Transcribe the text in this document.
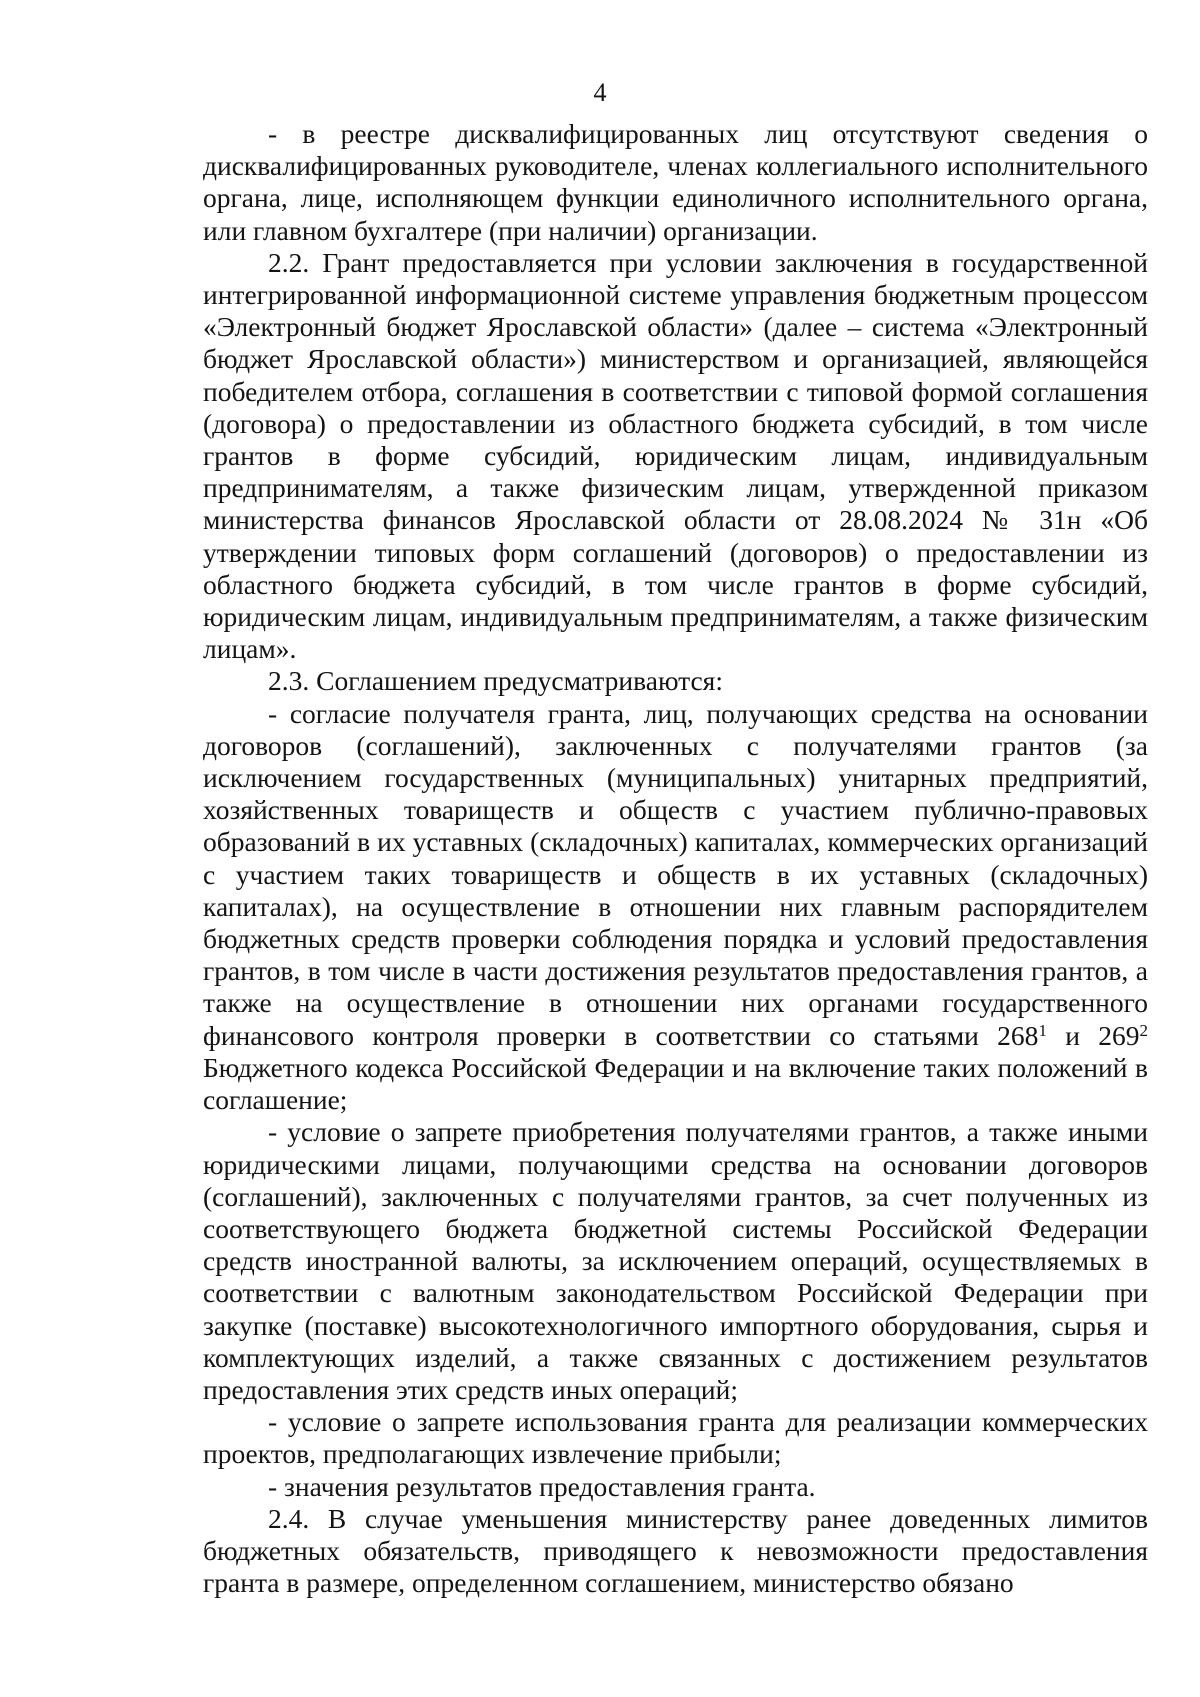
4

- в реестре дисквалифицированных лиц отсутствуют сведения о дисквалифицированных руководителе, членах коллегиального исполнительного органа, лице, исполняющем функции единоличного исполнительного органа, или главном бухгалтере (при наличии) организации.

2.2. Грант предоставляется при условии заключения в государственной интегрированной информационной системе управления бюджетным процессом «Электронный бюджет Ярославской области» (далее – система «Электронный бюджет Ярославской области») министерством и организацией, являющейся победителем отбора, соглашения в соответствии с типовой формой соглашения (договора) о предоставлении из областного бюджета субсидий, в том числе грантов в форме субсидий, юридическим лицам, индивидуальным предпринимателям, а также физическим лицам, утвержденной приказом министерства финансов Ярославской области от 28.08.2024 № 31н «Об утверждении типовых форм соглашений (договоров) о предоставлении из областного бюджета субсидий, в том числе грантов в форме субсидий, юридическим лицам, индивидуальным предпринимателям, а также физическим лицам».

2.3. Соглашением предусматриваются:

- согласие получателя гранта, лиц, получающих средства на основании договоров (соглашений), заключенных с получателями грантов (за исключением государственных (муниципальных) унитарных предприятий, хозяйственных товариществ и обществ с участием публично-правовых образований в их уставных (складочных) капиталах, коммерческих организаций с участием таких товариществ и обществ в их уставных (складочных) капиталах), на осуществление в отношении них главным распорядителем бюджетных средств проверки соблюдения порядка и условий предоставления грантов, в том числе в части достижения результатов предоставления грантов, а также на осуществление в отношении них органами государственного финансового контроля проверки в соответствии со статьями $268^1$ и $269^2$ Бюджетного кодекса Российской Федерации и на включение таких положений в соглашение;

- условие о запрете приобретения получателями грантов, а также иными юридическими лицами, получающими средства на основании договоров (соглашений), заключенных с получателями грантов, за счет полученных из соответствующего бюджета бюджетной системы Российской Федерации средств иностранной валюты, за исключением операций, осуществляемых в соответствии с валютным законодательством Российской Федерации при закупке (поставке) высокотехнологичного импортного оборудования, сырья и комплектующих изделий, а также связанных с достижением результатов предоставления этих средств иных операций;

- условие о запрете использования гранта для реализации коммерческих проектов, предполагающих извлечение прибыли;

- значения результатов предоставления гранта.

2.4. В случае уменьшения министерству ранее доведенных лимитов бюджетных обязательств, приводящего к невозможности предоставления гранта в размере, определенном соглашением, министерство обязано
